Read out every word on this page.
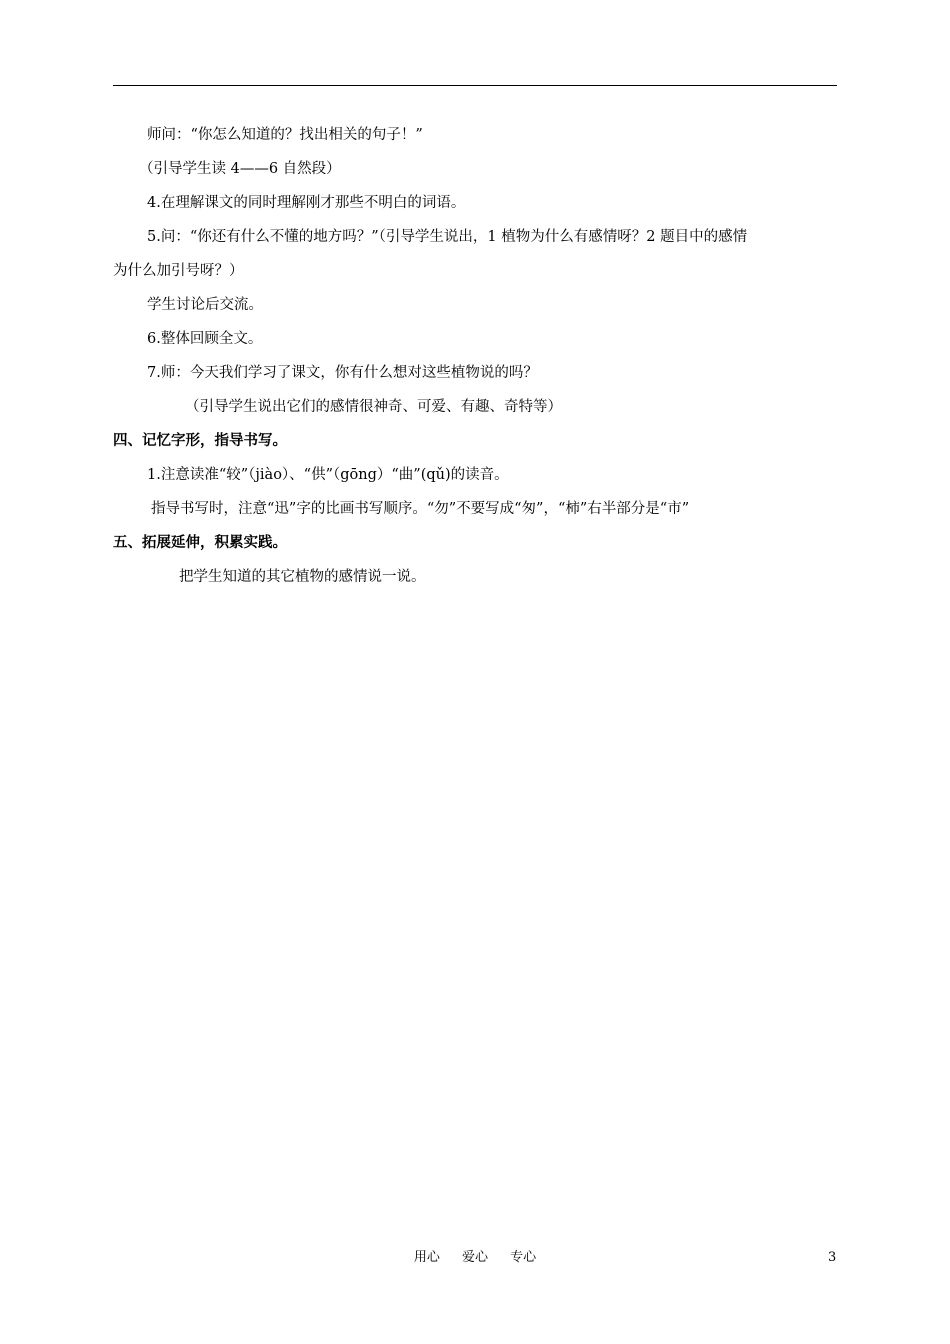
师问：“你怎么知道的？找出相关的句子！”
（引导学生读 4——6 自然段）
4.在理解课文的同时理解刚才那些不明白的词语。
5.问：“你还有什么不懂的地方吗？”（引导学生说出，1 植物为什么有感情呀？2 题目中的感情
为什么加引号呀？）
学生讨论后交流。
6.整体回顾全文。
7.师：今天我们学习了课文，你有什么想对这些植物说的吗？
（引导学生说出它们的感情很神奇、可爱、有趣、奇特等）
四、记忆字形，指导书写。
1.注意读准“较”（jiào）、“供”（gōng）“曲”(qǔ)的读音。
指导书写时，注意“迅”字的比画书写顺序。“勿”不要写成“匆”，“柿”右半部分是“市”
五、拓展延伸，积累实践。
把学生知道的其它植物的感情说一说。
用心 爱心 专心	3
